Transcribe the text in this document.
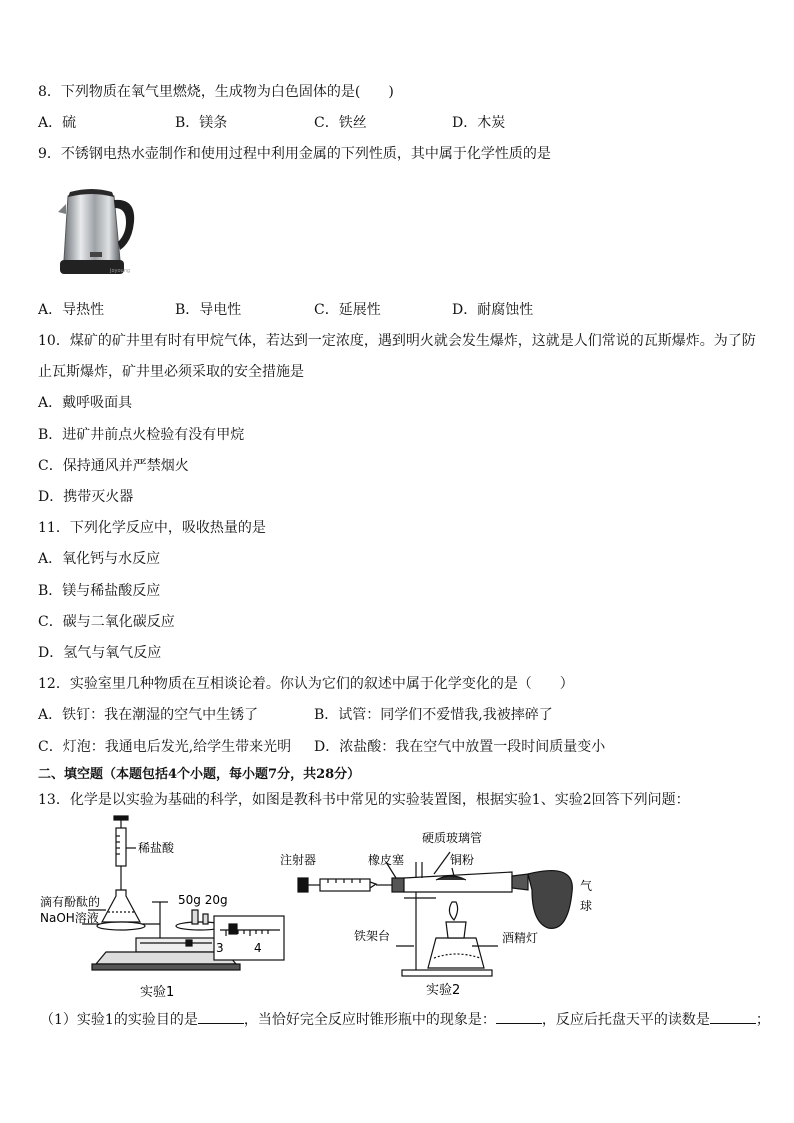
8．下列物质在氧气里燃烧，生成物为白色固体的是(　　)
A．硫	B．镁条	C．铁丝	D．木炭
9．不锈钢电热水壶制作和使用过程中利用金属的下列性质，其中属于化学性质的是
Joyoung
A．导热性	B．导电性	C．延展性	D．耐腐蚀性
10．煤矿的矿井里有时有甲烷气体，若达到一定浓度，遇到明火就会发生爆炸，这就是人们常说的瓦斯爆炸。为了防
止瓦斯爆炸，矿井里必须采取的安全措施是
A．戴呼吸面具
B．进矿井前点火检验有没有甲烷
C．保持通风并严禁烟火
D．携带灭火器
11．下列化学反应中，吸收热量的是
A．氧化钙与水反应
B．镁与稀盐酸反应
C．碳与二氧化碳反应
D．氢气与氧气反应
12．实验室里几种物质在互相谈论着。你认为它们的叙述中属于化学变化的是（　　）
A．铁钉：我在潮湿的空气中生锈了	B．试管：同学们不爱惜我,我被摔碎了
C．灯泡：我通电后发光,给学生带来光明 D．浓盐酸：我在空气中放置一段时间质量变小
二、填空题（本题包括4个小题，每小题7分，共28分）
13．化学是以实验为基础的科学，如图是教科书中常见的实验装置图，根据实验1、实验2回答下列问题：
稀盐酸
滴有酚酞的
NaOH溶液
50g 20g
3	4
实验1
注射器	橡皮塞
硬质玻璃管
铜粉
气
球
铁架台	酒精灯
实验2
（1）实验1的实验目的是	，当恰好完全反应时锥形瓶中的现象是：	，反应后托盘天平的读数是	；
